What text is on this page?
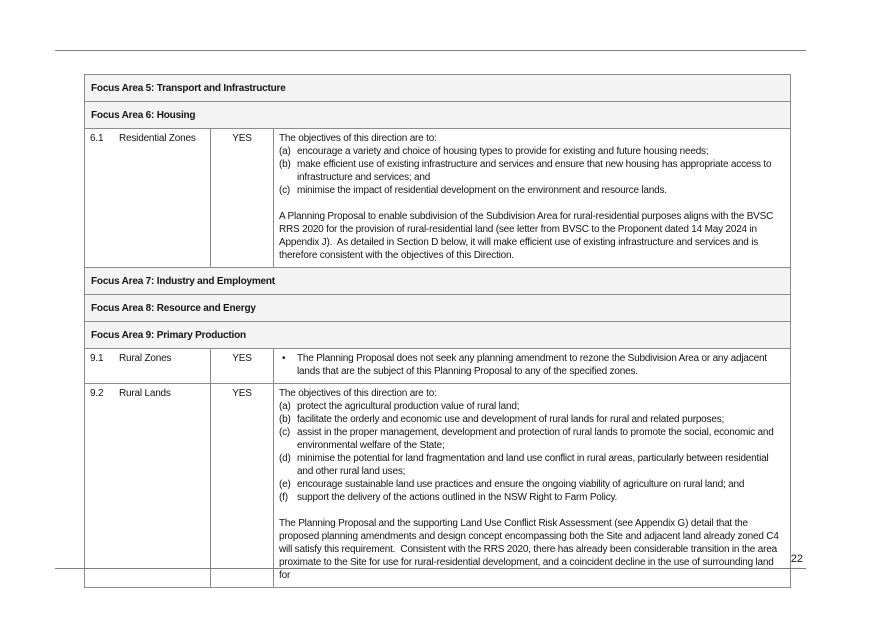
Focus Area 5: Transport and Infrastructure
Focus Area 6: Housing
6.1 Residential Zones	YES	The objectives of this direction are to:
(a) encourage a variety and choice of housing types to provide for existing and future housing needs;
(b) make efficient use of existing infrastructure and services and ensure that new housing has appropriate access to infrastructure and services; and
(c) minimise the impact of residential development on the environment and resource lands.
A Planning Proposal to enable subdivision of the Subdivision Area for rural-residential purposes aligns with the BVSC RRS 2020 for the provision of rural-residential land (see letter from BVSC to the Proponent dated 14 May 2024 in Appendix J).  As detailed in Section D below, it will make efficient use of existing infrastructure and services and is therefore consistent with the objectives of this Direction.
Focus Area 7: Industry and Employment
Focus Area 8: Resource and Energy
Focus Area 9: Primary Production
9.1 Rural Zones	YES	• The Planning Proposal does not seek any planning amendment to rezone the Subdivision Area or any adjacent lands that are the subject of this Planning Proposal to any of the specified zones.
9.2 Rural Lands	YES	The objectives of this direction are to:
(a) protect the agricultural production value of rural land;
(b) facilitate the orderly and economic use and development of rural lands for rural and related purposes;
(c) assist in the proper management, development and protection of rural lands to promote the social, economic and environmental welfare of the State;
(d) minimise the potential for land fragmentation and land use conflict in rural areas, particularly between residential and other rural land uses;
(e) encourage sustainable land use practices and ensure the ongoing viability of agriculture on rural land; and
(f) support the delivery of the actions outlined in the NSW Right to Farm Policy.
The Planning Proposal and the supporting Land Use Conflict Risk Assessment (see Appendix G) detail that the proposed planning amendments and design concept encompassing both the Site and adjacent land already zoned C4 will satisfy this requirement.  Consistent with the RRS 2020, there has already been considerable transition in the area proximate to the Site for use for rural-residential development, and a coincident decline in the use of surrounding land for
22
